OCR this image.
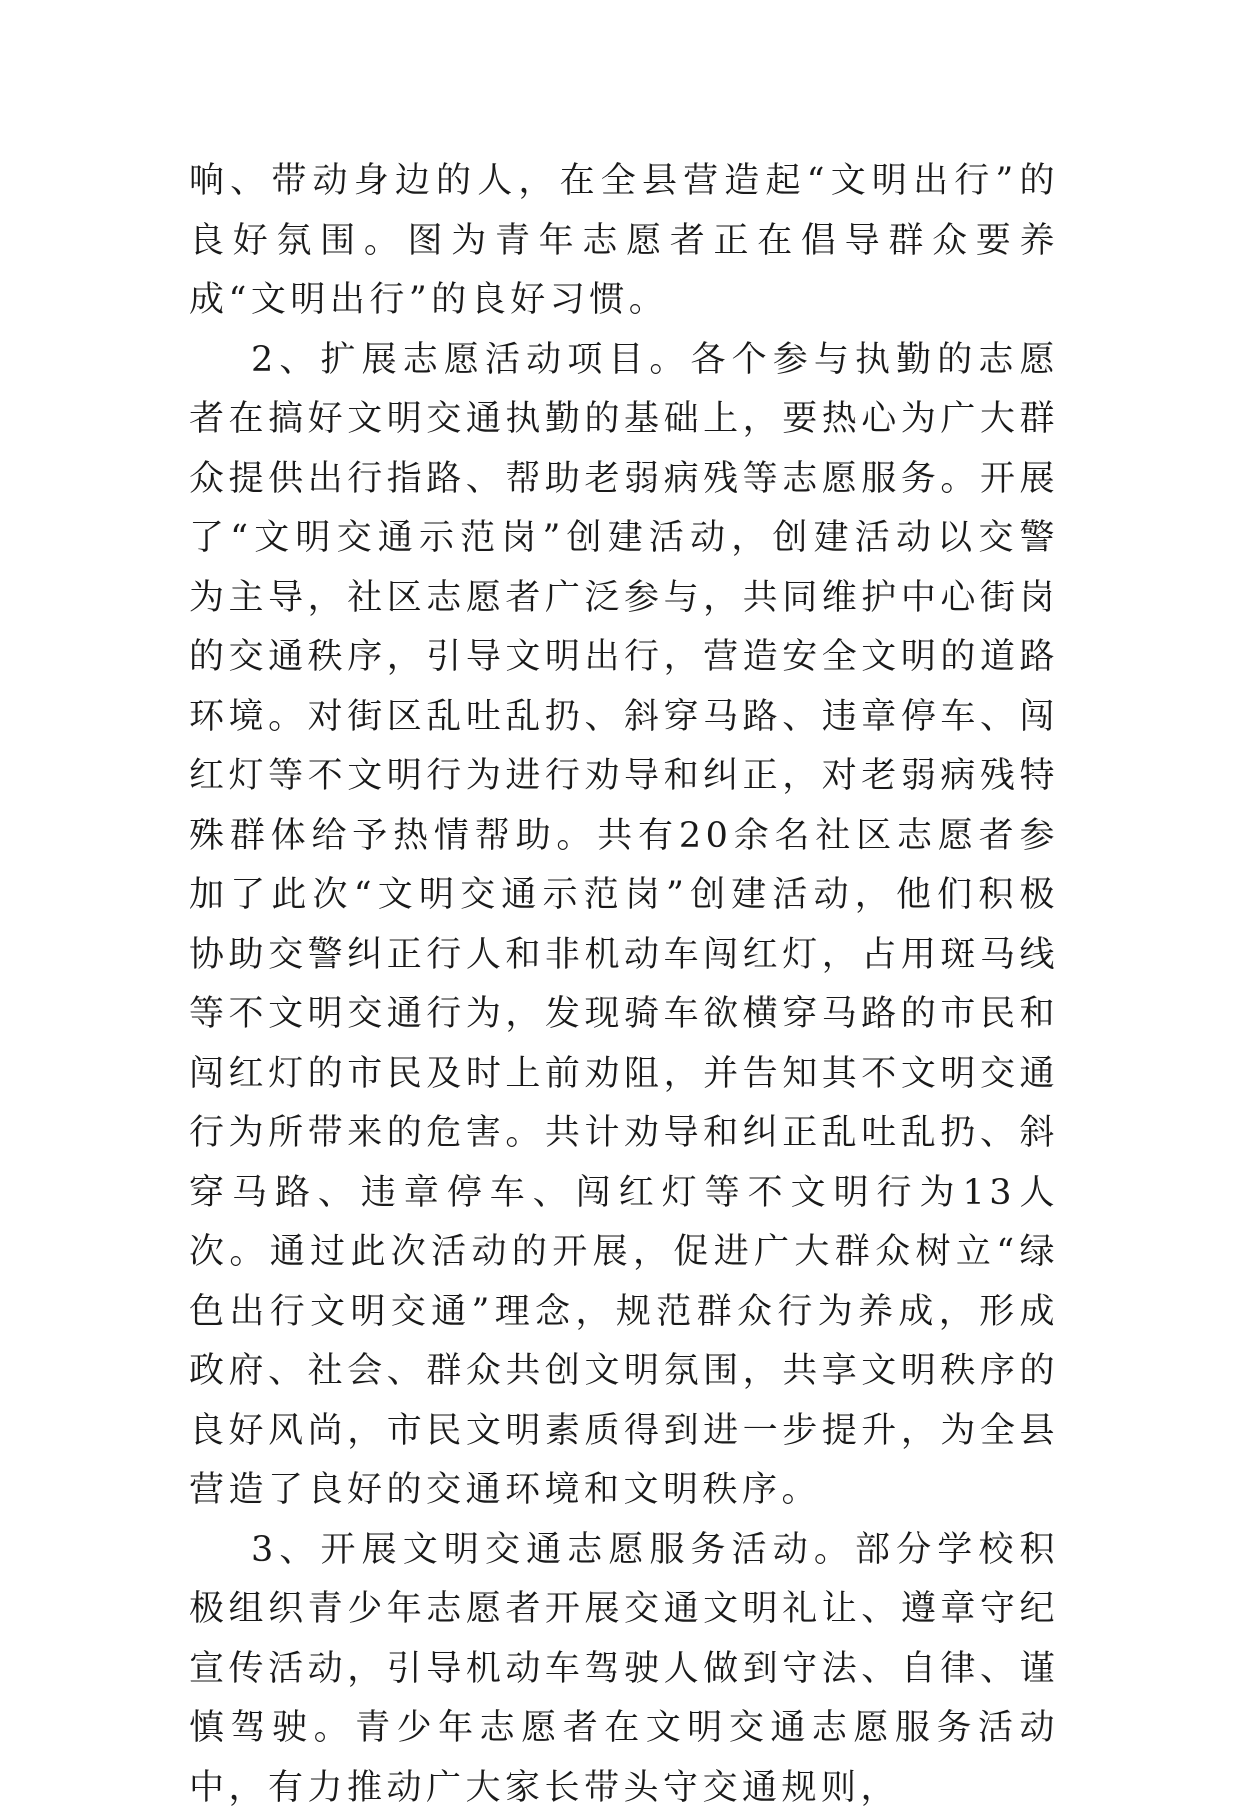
响、带动身边的人，在全县营造起“文明出行”的良好氛围。图为青年志愿者正在倡导群众要养成“文明出行”的良好习惯。

2、扩展志愿活动项目。各个参与执勤的志愿者在搞好文明交通执勤的基础上，要热心为广大群众提供出行指路、帮助老弱病残等志愿服务。开展了“文明交通示范岗”创建活动，创建活动以交警为主导，社区志愿者广泛参与，共同维护中心街岗的交通秩序，引导文明出行，营造安全文明的道路环境。对街区乱吐乱扔、斜穿马路、违章停车、闯红灯等不文明行为进行劝导和纠正，对老弱病残特殊群体给予热情帮助。共有20余名社区志愿者参加了此次“文明交通示范岗”创建活动，他们积极协助交警纠正行人和非机动车闯红灯，占用斑马线等不文明交通行为，发现骑车欲横穿马路的市民和闯红灯的市民及时上前劝阻，并告知其不文明交通行为所带来的危害。共计劝导和纠正乱吐乱扔、斜穿马路、违章停车、闯红灯等不文明行为13人次。通过此次活动的开展，促进广大群众树立“绿色出行文明交通”理念，规范群众行为养成，形成政府、社会、群众共创文明氛围，共享文明秩序的良好风尚，市民文明素质得到进一步提升，为全县营造了良好的交通环境和文明秩序。

3、开展文明交通志愿服务活动。部分学校积极组织青少年志愿者开展交通文明礼让、遵章守纪宣传活动，引导机动车驾驶人做到守法、自律、谨慎驾驶。青少年志愿者在文明交通志愿服务活动中，有力推动广大家长带头守交通规则，
